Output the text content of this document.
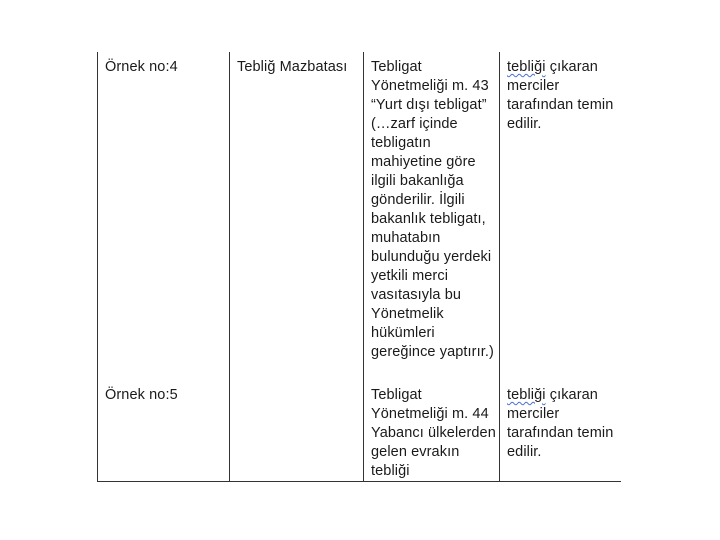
Örnek no:4	Tebliğ Mazbatası Tebligat
Yönetmeliği m. 43
“Yurt dışı tebligat”
(…zarf içinde
tebligatın
mahiyetine göre
ilgili bakanlığa
gönderilir. İlgili
bakanlık tebligatı,
muhatabın
bulunduğu yerdeki
yetkili merci
vasıtasıyla bu
Yönetmelik
hükümleri
gereğince yaptırır.)
tebliği çıkaran
merciler
tarafından temin
edilir.
Örnek no:5	Tebligat
Yönetmeliği m. 44
Yabancı ülkelerden
gelen evrakın
tebliği
tebliği çıkaran
merciler
tarafından temin
edilir.
